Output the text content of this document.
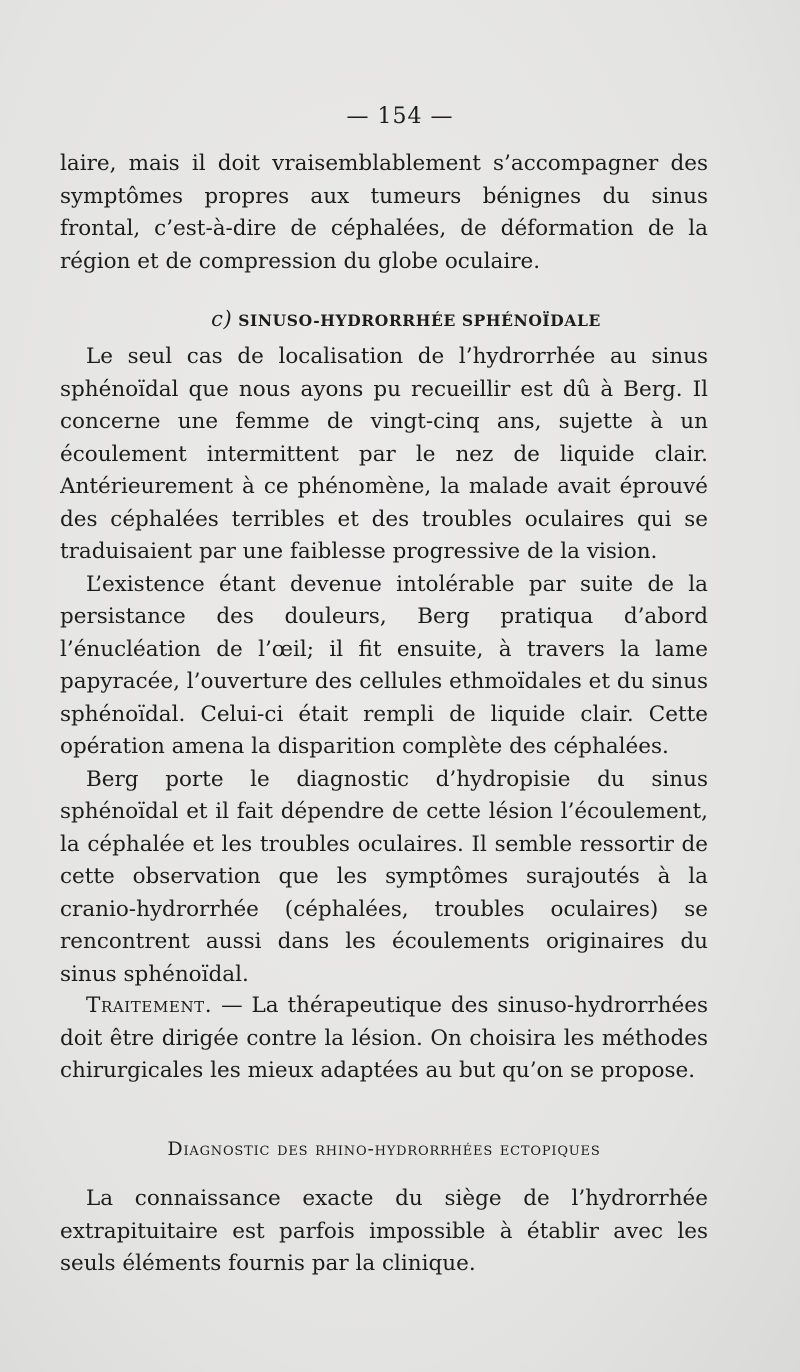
— 154 —

laire, mais il doit vraisemblablement s’accompagner des symptômes propres aux tumeurs bénignes du sinus frontal, c’est-à-dire de céphalées, de déformation de la région et de compression du globe oculaire.

c) SINUSO-HYDRORRHÉE SPHÉNOÏDALE

Le seul cas de localisation de l’hydrorrhée au sinus sphénoïdal que nous ayons pu recueillir est dû à Berg. Il concerne une femme de vingt-cinq ans, sujette à un écoulement intermittent par le nez de liquide clair. Antérieurement à ce phénomène, la malade avait éprouvé des céphalées terribles et des troubles oculaires qui se traduisaient par une faiblesse progressive de la vision.

L’existence étant devenue intolérable par suite de la persistance des douleurs, Berg pratiqua d’abord l’énucléation de l’œil; il fit ensuite, à travers la lame papyracée, l’ouverture des cellules ethmoïdales et du sinus sphénoïdal. Celui-ci était rempli de liquide clair. Cette opération amena la disparition complète des céphalées.

Berg porte le diagnostic d’hydropisie du sinus sphénoïdal et il fait dépendre de cette lésion l’écoulement, la céphalée et les troubles oculaires. Il semble ressortir de cette observation que les symptômes surajoutés à la cranio-hydrorrhée (céphalées, troubles oculaires) se rencontrent aussi dans les écoulements originaires du sinus sphénoïdal.

Traitement. — La thérapeutique des sinuso-hydrorrhées doit être dirigée contre la lésion. On choisira les méthodes chirurgicales les mieux adaptées au but qu’on se propose.

Diagnostic des rhino-hydrorrhées ectopiques

La connaissance exacte du siège de l’hydrorrhée extrapituitaire est parfois impossible à établir avec les seuls éléments fournis par la clinique.
